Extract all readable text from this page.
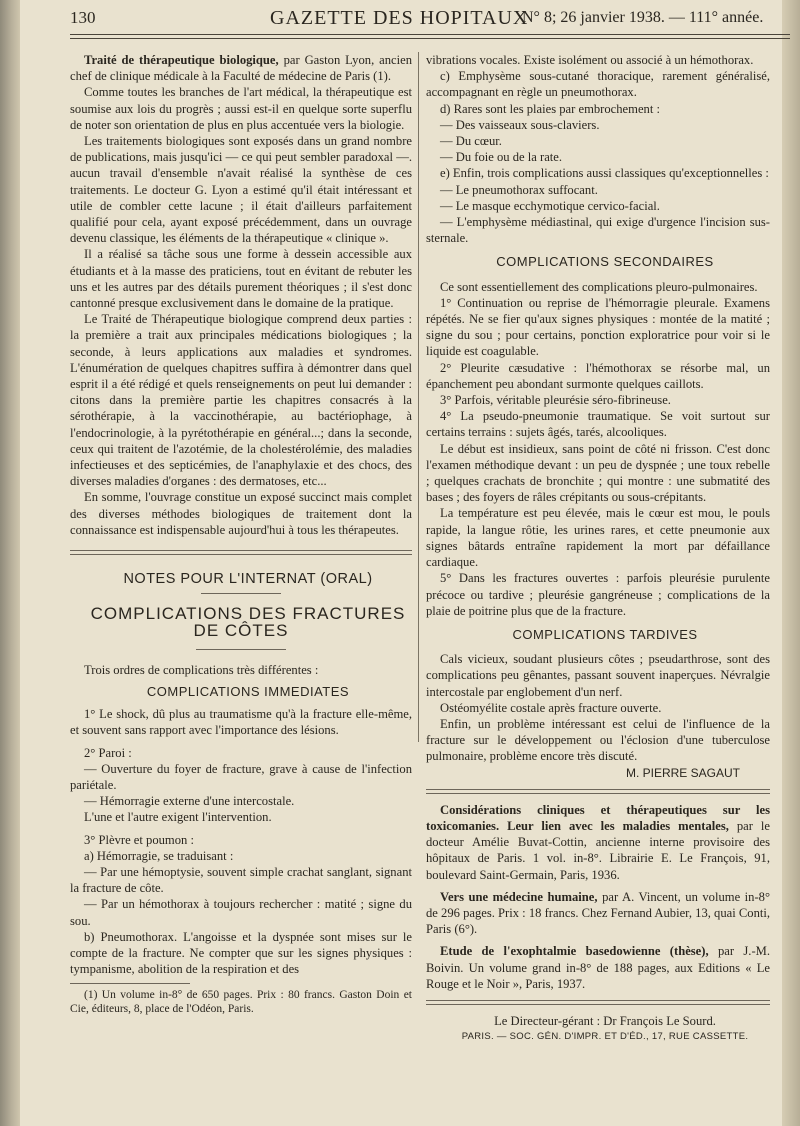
130	GAZETTE DES HOPITAUX
N° 8; 26 janvier 1938. — 111° année.

Traité de thérapeutique biologique, par Gaston Lyon, ancien chef de clinique médicale à la Faculté de médecine de Paris (1).

Comme toutes les branches de l'art médical, la thérapeutique est soumise aux lois du progrès ; aussi est-il en quelque sorte superflu de noter son orientation de plus en plus accentuée vers la biologie.

Les traitements biologiques sont exposés dans un grand nombre de publications, mais jusqu'ici — ce qui peut sembler paradoxal —. aucun travail d'ensemble n'avait réalisé la synthèse de ces traitements. Le docteur G. Lyon a estimé qu'il était intéressant et utile de combler cette lacune ; il était d'ailleurs parfaitement qualifié pour cela, ayant exposé précédemment, dans un ouvrage devenu classique, les éléments de la thérapeutique « clinique ».

Il a réalisé sa tâche sous une forme à dessein accessible aux étudiants et à la masse des praticiens, tout en évitant de rebuter les uns et les autres par des détails purement théoriques ; il s'est donc cantonné presque exclusivement dans le domaine de la pratique.

Le Traité de Thérapeutique biologique comprend deux parties : la première a trait aux principales médications biologiques ; la seconde, à leurs applications aux maladies et syndromes. L'énumération de quelques chapitres suffira à démontrer dans quel esprit il a été rédigé et quels renseignements on peut lui demander : citons dans la première partie les chapitres consacrés à la sérothérapie, à la vaccinothérapie, au bactériophage, à l'endocrinologie, à la pyrétothérapie en général...; dans la seconde, ceux qui traitent de l'azotémie, de la cholestérolémie, des maladies infectieuses et des septicémies, de l'anaphylaxie et des chocs, des diverses maladies d'organes : des dermatoses, etc...

En somme, l'ouvrage constitue un exposé succinct mais complet des diverses méthodes biologiques de traitement dont la connaissance est indispensable aujourd'hui à tous les thérapeutes.

NOTES POUR L'INTERNAT (ORAL)

COMPLICATIONS DES FRACTURES DE CÔTES

Trois ordres de complications très différentes :

COMPLICATIONS IMMEDIATES

1° Le shock, dû plus au traumatisme qu'à la fracture elle-même, et souvent sans rapport avec l'importance des lésions.

2° Paroi :

— Ouverture du foyer de fracture, grave à cause de l'infection pariétale.

— Hémorragie externe d'une intercostale.

L'une et l'autre exigent l'intervention.

3° Plèvre et poumon :

a) Hémorragie, se traduisant :

— Par une hémoptysie, souvent simple crachat sanglant, signant la fracture de côte.

— Par un hémothorax à toujours rechercher : matité ; signe du sou.

b) Pneumothorax. L'angoisse et la dyspnée sont mises sur le compte de la fracture. Ne compter que sur les signes physiques : tympanisme, abolition de la respiration et des

(1) Un volume in-8° de 650 pages. Prix : 80 francs. Gaston Doin et Cie, éditeurs, 8, place de l'Odéon, Paris.

vibrations vocales. Existe isolément ou associé à un hémothorax.

c) Emphysème sous-cutané thoracique, rarement généralisé, accompagnant en règle un pneumothorax.

d) Rares sont les plaies par embrochement :

— Des vaisseaux sous-claviers.

— Du cœur.

— Du foie ou de la rate.

e) Enfin, trois complications aussi classiques qu'exceptionnelles :

— Le pneumothorax suffocant.

— Le masque ecchymotique cervico-facial.

— L'emphysème médiastinal, qui exige d'urgence l'incision sus-sternale.

COMPLICATIONS SECONDAIRES

Ce sont essentiellement des complications pleuro-pulmonaires.

1° Continuation ou reprise de l'hémorragie pleurale. Examens répétés. Ne se fier qu'aux signes physiques : montée de la matité ; signe du sou ; pour certains, ponction exploratrice pour voir si le liquide est coagulable.

2° Pleurite cæsudative : l'hémothorax se résorbe mal, un épanchement peu abondant surmonte quelques caillots.

3° Parfois, véritable pleurésie séro-fibrineuse.

4° La pseudo-pneumonie traumatique. Se voit surtout sur certains terrains : sujets âgés, tarés, alcooliques.

Le début est insidieux, sans point de côté ni frisson. C'est donc l'examen méthodique devant : un peu de dyspnée ; une toux rebelle ; quelques crachats de bronchite ; qui montre : une submatité des bases ; des foyers de râles crépitants ou sous-crépitants.

La température est peu élevée, mais le cœur est mou, le pouls rapide, la langue rôtie, les urines rares, et cette pneumonie aux signes bâtards entraîne rapidement la mort par défaillance cardiaque.

5° Dans les fractures ouvertes : parfois pleurésie purulente précoce ou tardive ; pleurésie gangréneuse ; complications de la plaie de poitrine plus que de la fracture.

COMPLICATIONS TARDIVES

Cals vicieux, soudant plusieurs côtes ; pseudarthrose, sont des complications peu gênantes, passant souvent inaperçues. Névralgie intercostale par englobement d'un nerf.

Ostéomyélite costale après fracture ouverte.

Enfin, un problème intéressant est celui de l'influence de la fracture sur le développement ou l'éclosion d'une tuberculose pulmonaire, problème encore très discuté.

M. PIERRE SAGAUT

Considérations cliniques et thérapeutiques sur les toxicomanies. Leur lien avec les maladies mentales, par le docteur Amélie Buvat-Cottin, ancienne interne provisoire des hôpitaux de Paris. 1 vol. in-8°. Librairie E. Le François, 91, boulevard Saint-Germain, Paris, 1936.

Vers une médecine humaine, par A. Vincent, un volume in-8° de 296 pages. Prix : 18 francs. Chez Fernand Aubier, 13, quai Conti, Paris (6°).

Etude de l'exophtalmie basedowienne (thèse), par J.-M. Boivin. Un volume grand in-8° de 188 pages, aux Editions « Le Rouge et le Noir », Paris, 1937.

Le Directeur-gérant : Dr François Le Sourd.

PARIS. — SOC. GÉN. D'IMPR. ET D'ÉD., 17, RUE CASSETTE.
